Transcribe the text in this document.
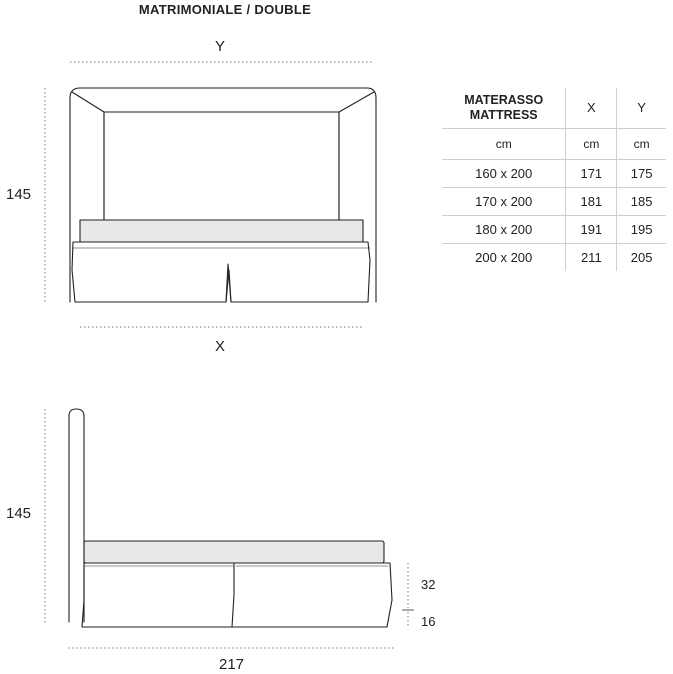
MATRIMONIALE / DOUBLE
Y
145
X
145
217
32
16
MATERASSO
MATTRESS	X	Y
cm	cm	cm
160 x 200	171	175
170 x 200	181	185
180 x 200	191	195
200 x 200	211	205
